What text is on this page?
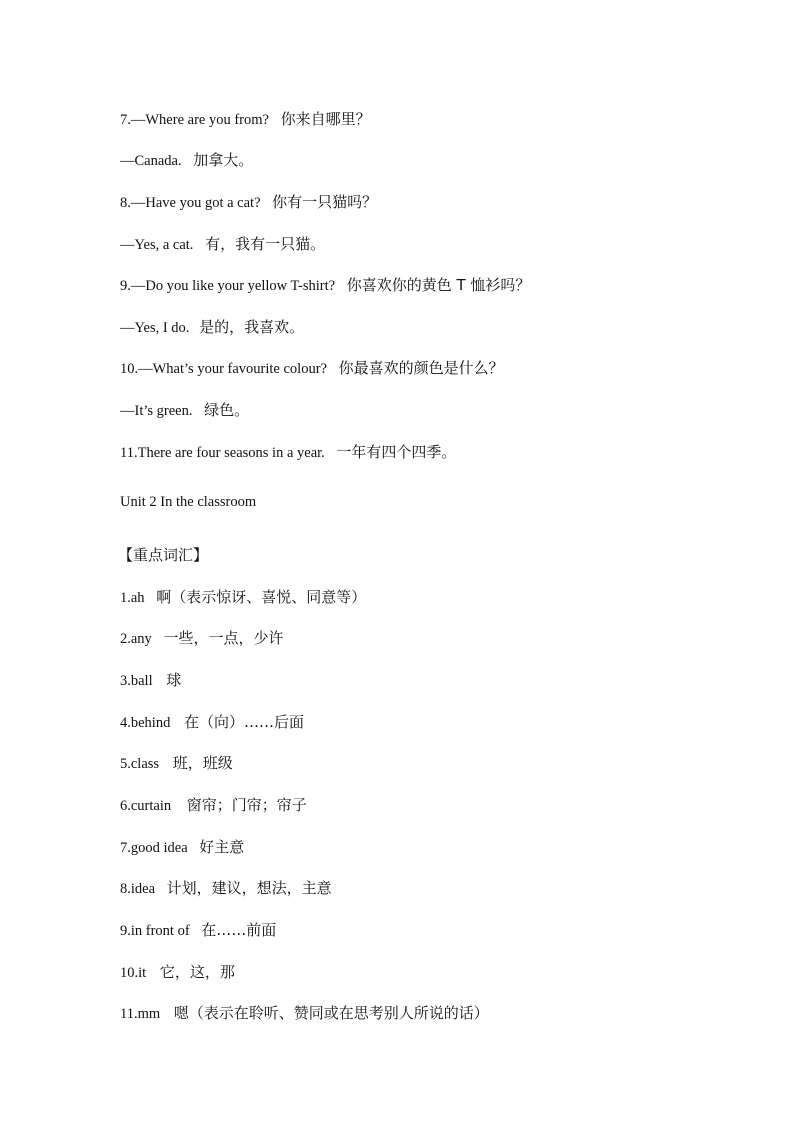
7.—Where are you from? 你来自哪里？
—Canada. 加拿大。
8.—Have you got a cat? 你有一只猫吗？
—Yes, a cat. 有，我有一只猫。
9.—Do you like your yellow T-shirt? 你喜欢你的黄色 T 恤衫吗？
—Yes, I do. 是的，我喜欢。
10.—What’s your favourite colour? 你最喜欢的颜色是什么？
—It’s green. 绿色。
11.There are four seasons in a year. 一年有四个四季。
Unit 2 In the classroom
【重点词汇】
1.ah 啊（表示惊讶、喜悦、同意等）
2.any 一些，一点，少许
3.ball 球
4.behind 在（向）……后面
5.class 班，班级
6.curtain 窗帘；门帘；帘子
7.good idea 好主意
8.idea 计划，建议，想法，主意
9.in front of 在……前面
10.it 它，这，那
11.mm 嗯（表示在聆听、赞同或在思考别人所说的话）
